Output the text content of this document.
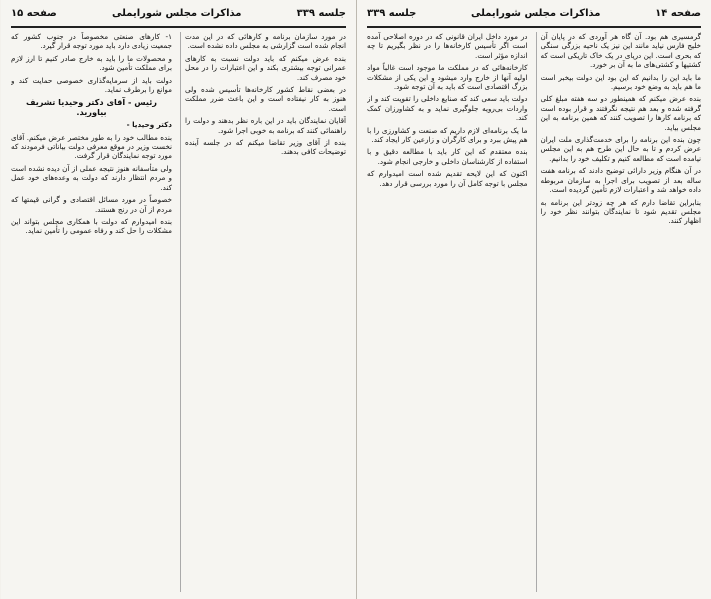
صفحه ۱۴
مذاکرات مجلس شورایملی
جلسه ۳۳۹

گرمسیری هم بود. آن گاه هر آوردی که در پایان آن خلیج فارس نیاید مانند این نیز یک ناحیه بزرگی سنگی که بحری است. این دریای در یک خاک تاریکی است که کشتیها و کشتی‌های ما به آن بر خورد.

ما باید این را بدانیم که این بود این دولت بیخبر است ما هم باید به وضع خود برسیم.

بنده عرض میکنم که همینطور دو سه هفته مبلغ کلی گرفته شده و بعد هم نتیجه نگرفتند و قرار بوده است که برنامه کارها را تصویب کنند که همین برنامه به این مجلس بیاید.

چون بنده این برنامه را برای خدمت‌گذاری ملت ایران عرض کردم و تا به حال این طرح هم به این مجلس نیامده است که مطالعه کنیم و تکلیف خود را بدانیم.

در آن هنگام وزیر دارائی توضیح دادند که برنامه هفت ساله بعد از تصویب برای اجرا به سازمان مربوطه داده خواهد شد و اعتبارات لازم تأمین گردیده است.

بنابراین تقاضا دارم که هر چه زودتر این برنامه به مجلس تقدیم شود تا نمایندگان بتوانند نظر خود را اظهار کنند.

در مورد داخل ایران قانونی که در دوره اصلاحی آمده است اگر تأسیس کارخانه‌ها را در نظر بگیریم تا چه اندازه مؤثر است.

کارخانه‌هائی که در مملکت ما موجود است غالباً مواد اولیه آنها از خارج وارد میشود و این یکی از مشکلات بزرگ اقتصادی است که باید به آن توجه شود.

دولت باید سعی کند که صنایع داخلی را تقویت کند و از واردات بی‌رویه جلوگیری نماید و به کشاورزان کمک کند.

ما یک برنامه‌ای لازم داریم که صنعت و کشاورزی را با هم پیش ببرد و برای کارگران و زارعین کار ایجاد کند.

بنده معتقدم که این کار باید با مطالعه دقیق و با استفاده از کارشناسان داخلی و خارجی انجام شود.

اکنون که این لایحه تقدیم شده است امیدوارم که مجلس با توجه کامل آن را مورد بررسی قرار دهد.

جلسه ۳۳۹
مذاکرات مجلس شورایملی
صفحه ۱۵

در مورد سازمان برنامه و کارهائی که در این مدت انجام شده است گزارشی به مجلس داده نشده است.

بنده عرض میکنم که باید دولت نسبت به کارهای عمرانی توجه بیشتری بکند و این اعتبارات را در محل خود مصرف کند.

در بعضی نقاط کشور کارخانه‌ها تأسیس شده ولی هنوز به کار نیفتاده است و این باعث ضرر مملکت است.

آقایان نمایندگان باید در این باره نظر بدهند و دولت را راهنمائی کنند که برنامه به خوبی اجرا شود.

بنده از آقای وزیر تقاضا میکنم که در جلسه آینده توضیحات کافی بدهند.

۱- کارهای صنعتی مخصوصاً در جنوب کشور که جمعیت زیادی دارد باید مورد توجه قرار گیرد.

و محصولات ما را باید به خارج صادر کنیم تا ارز لازم برای مملکت تأمین شود.

دولت باید از سرمایه‌گذاری خصوصی حمایت کند و موانع را برطرف نماید.

رئیس - آقای دکتر وحیدیا تشریف بیاورید.

دکتر وحیدیا -

بنده مطالب خود را به طور مختصر عرض میکنم. آقای نخست وزیر در موقع معرفی دولت بیاناتی فرمودند که مورد توجه نمایندگان قرار گرفت.

ولی متأسفانه هنوز نتیجه عملی از آن دیده نشده است و مردم انتظار دارند که دولت به وعده‌های خود عمل کند.

خصوصاً در مورد مسائل اقتصادی و گرانی قیمتها که مردم از آن در رنج هستند.

بنده امیدوارم که دولت با همکاری مجلس بتواند این مشکلات را حل کند و رفاه عمومی را تأمین نماید.
